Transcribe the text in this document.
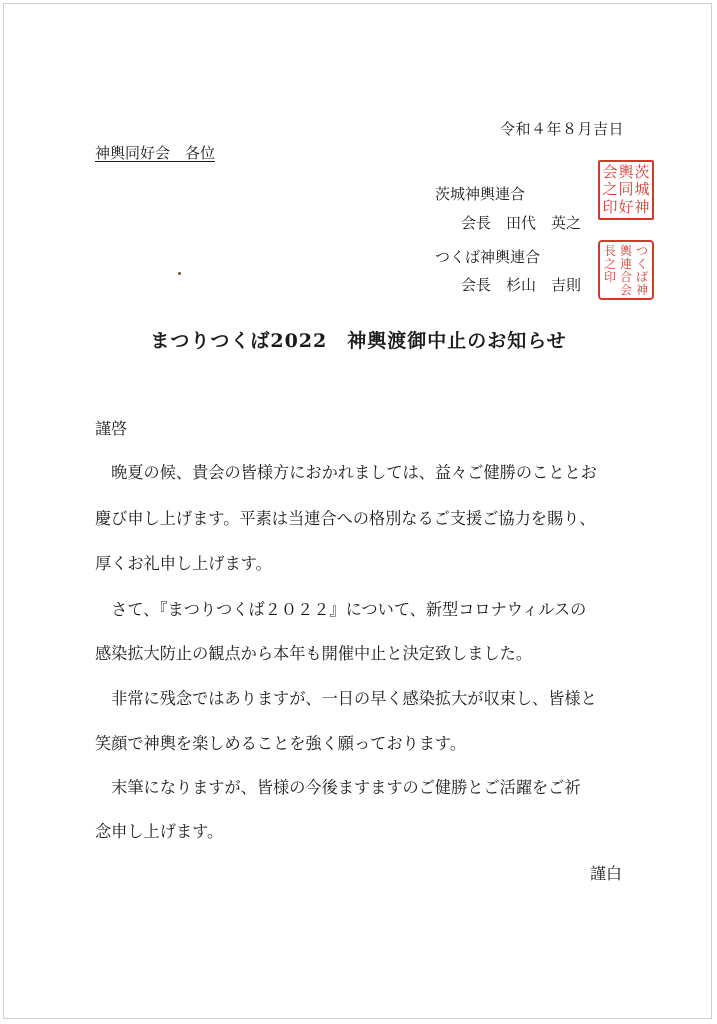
令和４年８月吉日
神輿同好会　各位
茨城神輿連合
会長　田代　英之
つくば神輿連合
会長　杉山　吉則
茨
城
神
輿
同
好
会
之
印
つ
く
ば
神
輿
連
合
会
長
之
印
まつりつくば2022　神輿渡御中止のお知らせ
謹啓
　晩夏の候、貴会の皆様方におかれましては、益々ご健勝のこととお
慶び申し上げます。平素は当連合への格別なるご支援ご協力を賜り、
厚くお礼申し上げます。
　さて、『まつりつくば２０２２』について、新型コロナウィルスの
感染拡大防止の観点から本年も開催中止と決定致しました。
　非常に残念ではありますが、一日の早く感染拡大が収束し、皆様と
笑顔で神輿を楽しめることを強く願っております。
　末筆になりますが、皆様の今後ますますのご健勝とご活躍をご祈
念申し上げます。
謹白
